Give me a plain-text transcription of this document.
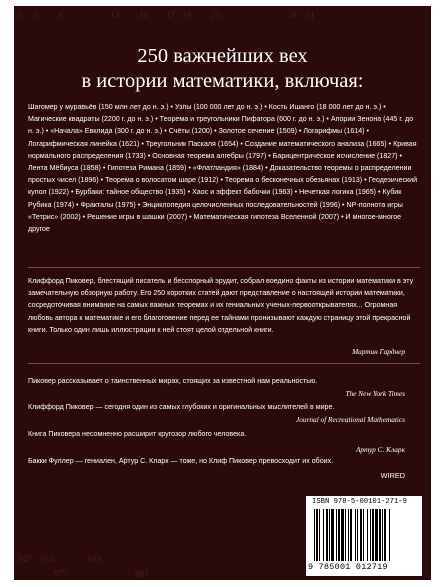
3     5         8                     13         11        17   19         23                              29    31
947    953               839
977                              983
250 важнейших вех
в истории математики, включая:
Шагомер у муравьёв (150 млн лет до н. э.) • Узлы (100 000 лет до н. э.) • Кость Ишанго (18 000 лет до н. э.) • Магические квадраты (2200 г. до н. э.) • Теорема и треугольники Пифагора (600 г. до н. э.) • Апории Зенона (445 г. до н. э.) • «Начала» Евклида (300 г. до н. э.) • Счёты (1200) • Золотое сечение (1509) • Логарифмы (1614) • Логарифмическая линейка (1621) • Треугольник Паскаля (1654) • Создание математического анализа (1665) • Кривая нормального распределения (1733) • Основная теорема алгебры (1797) • Барицентрическое исчисление (1827) • Лента Мёбиуса (1858) • Гипотеза Римана (1859) • «Флатландия» (1884) • Доказательство теоремы о распределении простых чисел (1896) • Теорема о волосатом шаре (1912) • Теорема о бесконечных обезьянах (1913) • Геодезический купол (1922) • Бурбаки: тайное общество (1935) • Хаос и эффект бабочки (1963) • Нечеткая логика (1965) • Кубик Рубика (1974) • Фракталы (1975) • Энциклопедия целочисленных последовательностей (1996) • NP-полнота игры «Тетрис» (2002) • Решение игры в шашки (2007) • Математическая гипотеза Вселенной (2007) • И многое-многое другое
Клиффорд Пиковер, блестящий писатель и бесспорный эрудит, собрал воедино факты из истории математики в эту замечательную обзорную работу. Его 250 коротких статей дают представление о настоящей истории математики, сосредоточивая внимание на самых важных теоремах и их гениальных ученых-первооткрывателях... Огромная любовь автора к математике и его благоговение перед ее тайнами пронизывают каждую страницу этой прекрасной книги. Только один лишь иллюстрации к ней стоят целой отдельной книги.
Мартин Гарднер
Пиковер рассказывает о таинственных мирах, стоящих за известной нам реальностью.
The New York Times
Клиффорд Пиковер — сегодня один из самых глубоких и оригинальных мыслителей в мире.
Journal of Recreational Mathematics
Книга Пиковера несомненно расширит кругозор любого человека.
Артур С. Кларк
Бакки Фуллер — гениален, Артур С. Кларк — тоже, но Клиф Пиковер превосходит их обоих.
WIRED
ISBN 978-5-00101-271-9
9 785001 012719
